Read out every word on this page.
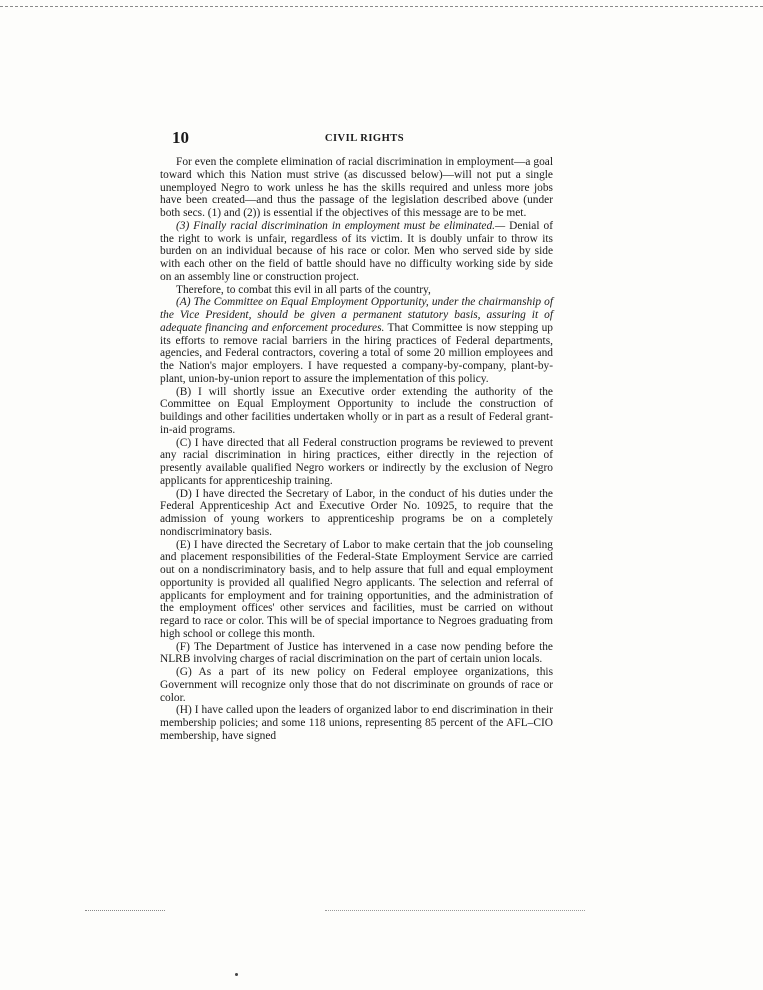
10	CIVIL RIGHTS

For even the complete elimination of racial discrimination in employment—a goal toward which this Nation must strive (as discussed below)—will not put a single unemployed Negro to work unless he has the skills required and unless more jobs have been created—and thus the passage of the legislation described above (under both secs. (1) and (2)) is essential if the objectives of this message are to be met.

(3) Finally racial discrimination in employment must be eliminated.— Denial of the right to work is unfair, regardless of its victim. It is doubly unfair to throw its burden on an individual because of his race or color. Men who served side by side with each other on the field of battle should have no difficulty working side by side on an assembly line or construction project.

Therefore, to combat this evil in all parts of the country,

(A) The Committee on Equal Employment Opportunity, under the chairmanship of the Vice President, should be given a permanent statutory basis, assuring it of adequate financing and enforcement procedures. That Committee is now stepping up its efforts to remove racial barriers in the hiring practices of Federal departments, agencies, and Federal contractors, covering a total of some 20 million employees and the Nation's major employers. I have requested a company-by-company, plant-by-plant, union-by-union report to assure the implementation of this policy.

(B) I will shortly issue an Executive order extending the authority of the Committee on Equal Employment Opportunity to include the construction of buildings and other facilities undertaken wholly or in part as a result of Federal grant-in-aid programs.

(C) I have directed that all Federal construction programs be reviewed to prevent any racial discrimination in hiring practices, either directly in the rejection of presently available qualified Negro workers or indirectly by the exclusion of Negro applicants for apprenticeship training.

(D) I have directed the Secretary of Labor, in the conduct of his duties under the Federal Apprenticeship Act and Executive Order No. 10925, to require that the admission of young workers to apprenticeship programs be on a completely nondiscriminatory basis.

(E) I have directed the Secretary of Labor to make certain that the job counseling and placement responsibilities of the Federal-State Employment Service are carried out on a nondiscriminatory basis, and to help assure that full and equal employment opportunity is provided all qualified Negro applicants. The selection and referral of applicants for employment and for training opportunities, and the administration of the employment offices' other services and facilities, must be carried on without regard to race or color. This will be of special importance to Negroes graduating from high school or college this month.

(F) The Department of Justice has intervened in a case now pending before the NLRB involving charges of racial discrimination on the part of certain union locals.

(G) As a part of its new policy on Federal employee organizations, this Government will recognize only those that do not discriminate on grounds of race or color.

(H) I have called upon the leaders of organized labor to end discrimination in their membership policies; and some 118 unions, representing 85 percent of the AFL–CIO membership, have signed
